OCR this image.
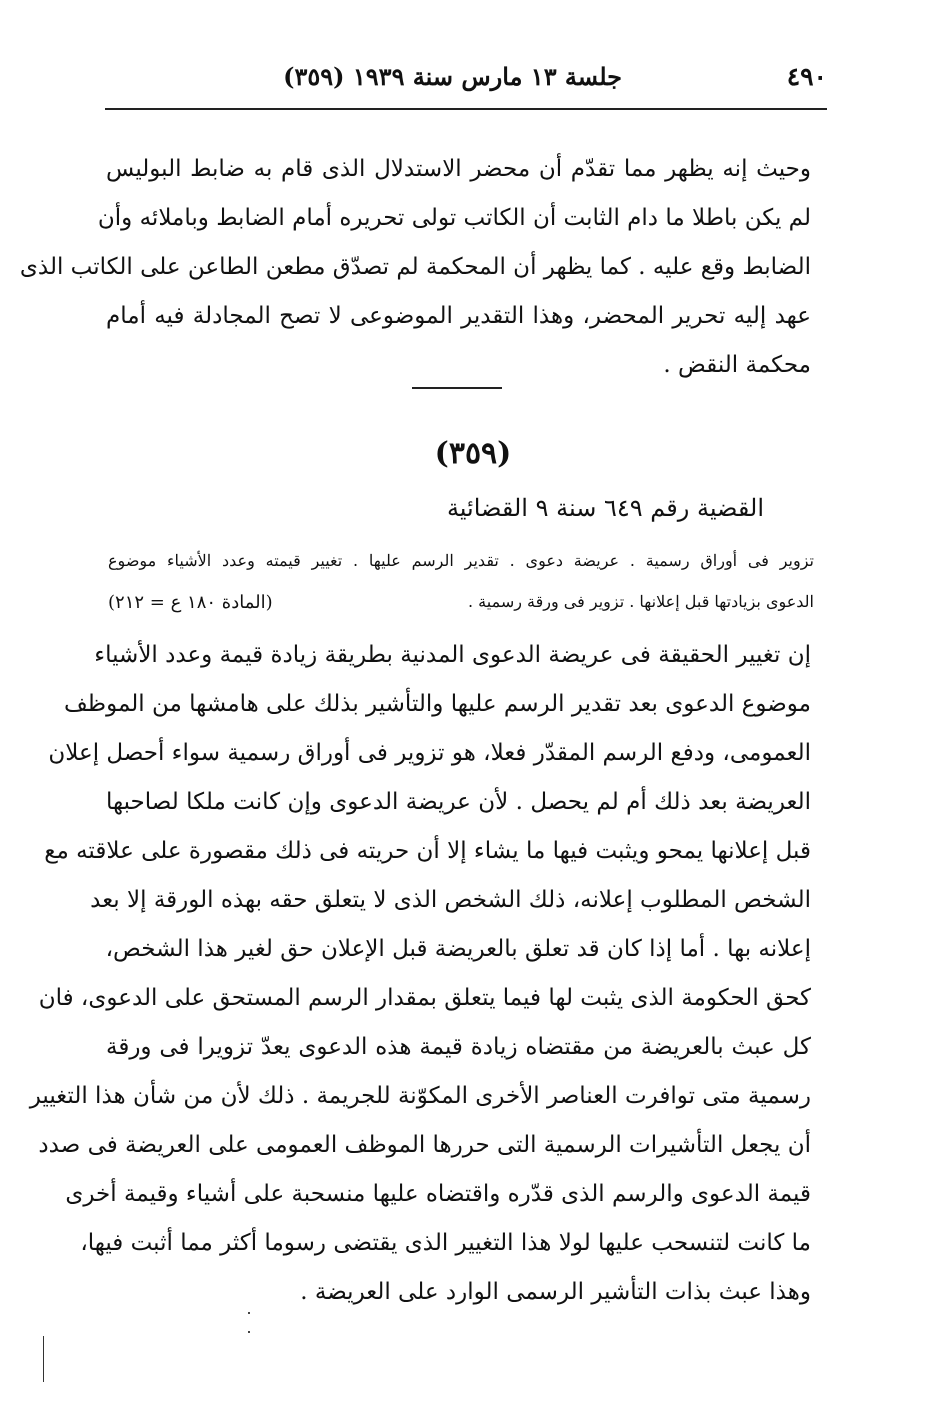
٤٩٠
جلسة ١٣ مارس سنة ١٩٣٩ (٣٥٩)

وحيث إنه يظهر مما تقدّم أن محضر الاستدلال الذى قام به ضابط البوليس

لم يكن باطلا ما دام الثابت أن الكاتب تولى تحريره أمام الضابط وباملائه وأن

الضابط وقع عليه . كما يظهر أن المحكمة لم تصدّق مطعن الطاعن على الكاتب الذى

عهد إليه تحرير المحضر، وهذا التقدير الموضوعى لا تصح المجادلة فيه أمام

محكمة النقض .

(٣٥٩)
القضية رقم ٦٤٩ سنة ٩ القضائية
تزوير فى أوراق رسمية . عريضة دعوى . تقدير الرسم عليها . تغيير قيمته وعدد الأشياء موضوع
الدعوى بزيادتها قبل إعلانها . تزوير فى ورقة رسمية .
(المادة ١٨٠ ع = ٢١٢)

إن تغيير الحقيقة فى عريضة الدعوى المدنية بطريقة زيادة قيمة وعدد الأشياء

موضوع الدعوى بعد تقدير الرسم عليها والتأشير بذلك على هامشها من الموظف

العمومى، ودفع الرسم المقدّر فعلا، هو تزوير فى أوراق رسمية سواء أحصل إعلان

العريضة بعد ذلك أم لم يحصل . لأن عريضة الدعوى وإن كانت ملكا لصاحبها

قبل إعلانها يمحو ويثبت فيها ما يشاء إلا أن حريته فى ذلك مقصورة على علاقته مع

الشخص المطلوب إعلانه، ذلك الشخص الذى لا يتعلق حقه بهذه الورقة إلا بعد

إعلانه بها . أما إذا كان قد تعلق بالعريضة قبل الإعلان حق لغير هذا الشخص،

كحق الحكومة الذى يثبت لها فيما يتعلق بمقدار الرسم المستحق على الدعوى، فان

كل عبث بالعريضة من مقتضاه زيادة قيمة هذه الدعوى يعدّ تزويرا فى ورقة

رسمية متى توافرت العناصر الأخرى المكوّنة للجريمة . ذلك لأن من شأن هذا التغيير

أن يجعل التأشيرات الرسمية التى حررها الموظف العمومى على العريضة فى صدد

قيمة الدعوى والرسم الذى قدّره واقتضاه عليها منسحبة على أشياء وقيمة أخرى

ما كانت لتنسحب عليها لولا هذا التغيير الذى يقتضى رسوما أكثر مما أثبت فيها،

وهذا عبث بذات التأشير الرسمى الوارد على العريضة .
